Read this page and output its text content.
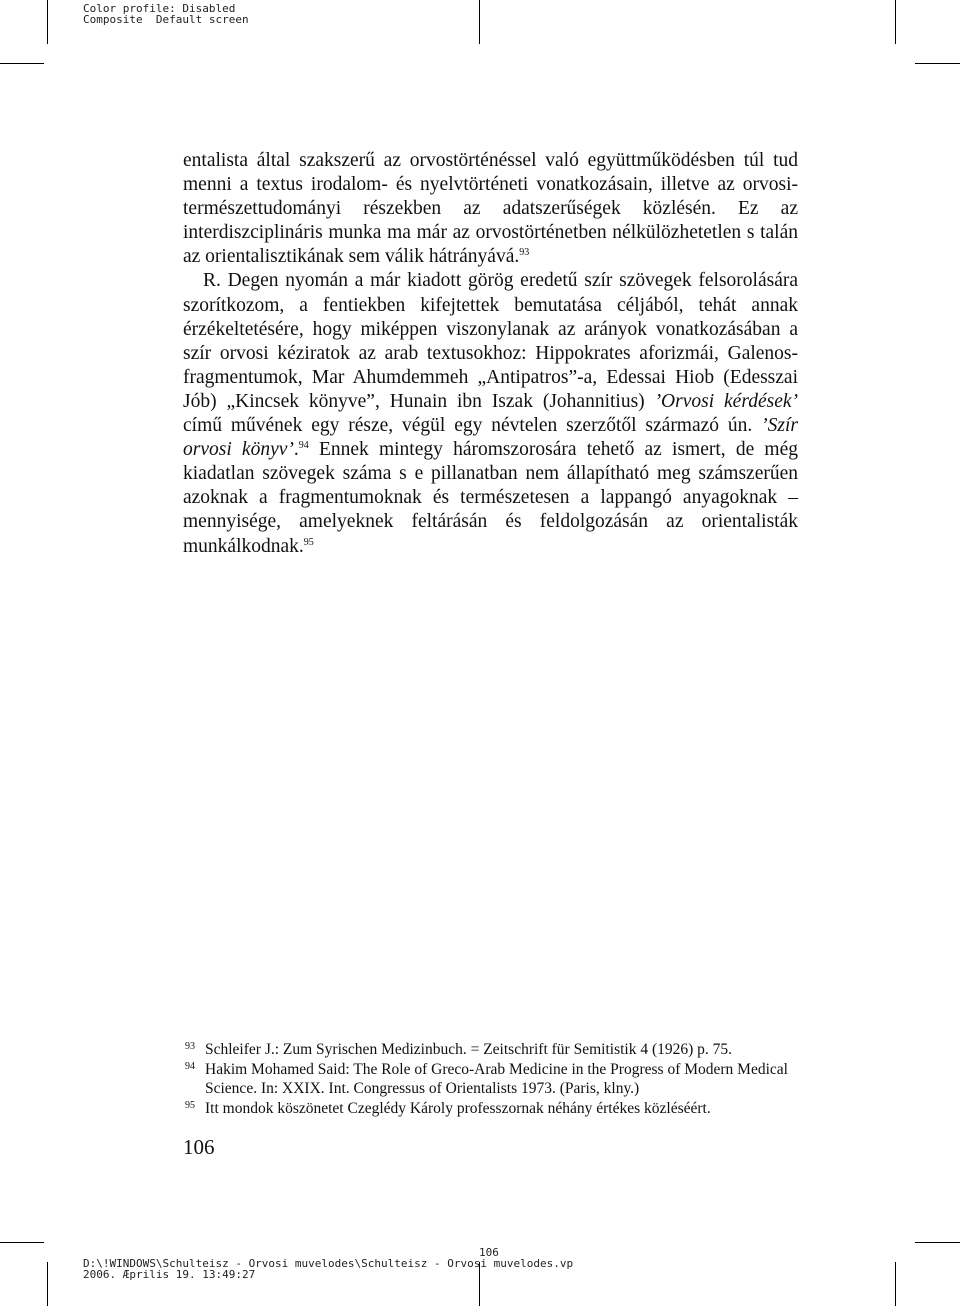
Color profile: Disabled
Composite  Default screen

entalista által szakszerű az orvostörténéssel való együttműködésben túl tud menni a textus irodalom- és nyelvtörténeti vonatkozásain, illetve az orvosi-természettudományi részekben az adatszerűségek közlésén. Ez az interdiszciplináris munka ma már az orvostörténetben nélkülözhetetlen s talán az orientalisztikának sem válik hátrányává.$^{93}$

R. Degen nyomán a már kiadott görög eredetű szír szövegek felsorolására szorítkozom, a fentiekben kifejtettek bemutatása céljából, tehát annak érzékeltetésére, hogy miképpen viszonylanak az arányok vonatkozásában a szír orvosi kéziratok az arab textusokhoz: Hippokrates aforizmái, Galenos-fragmentumok, Mar Ahumdemmeh „Antipatros”-a, Edessai Hiob (Edesszai Jób) „Kincsek könyve”, Hunain ibn Iszak (Johannitius) ’Orvosi kérdések’ című művének egy része, végül egy névtelen szerzőtől származó ún. ’Szír orvosi könyv’.$^{94}$ Ennek mintegy háromszorosára tehető az ismert, de még kiadatlan szövegek száma s e pillanatban nem állapítható meg számszerűen azoknak a fragmentumoknak és természetesen a lappangó anyagoknak – mennyisége, amelyeknek feltárásán és feldolgozásán az orientalisták munkálkodnak.$^{95}$

93 Schleifer J.: Zum Syrischen Medizinbuch. = Zeitschrift für Semitistik 4 (1926) p. 75.
94 Hakim Mohamed Said: The Role of Greco-Arab Medicine in the Progress of Modern Medical Science. In: XXIX. Int. Congressus of Orientalists 1973. (Paris, klny.)
95 Itt mondok köszönetet Czeglédy Károly professzornak néhány értékes közléséért.
106
106
D:\!WINDOWS\Schulteisz - Orvosi muvelodes\Schulteisz - Orvosi muvelodes.vp
2006. Æprilis 19. 13:49:27
